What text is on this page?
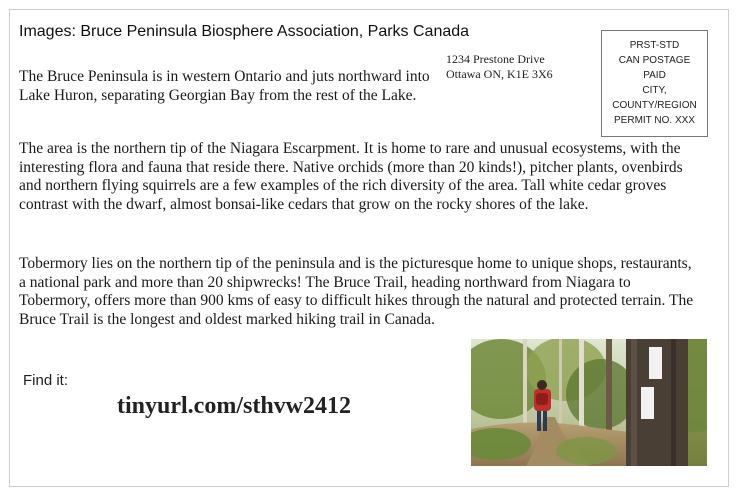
Images: Bruce Peninsula Biosphere Association, Parks Canada
1234 Prestone Drive
Ottawa ON, K1E 3X6
PRST-STD
CAN POSTAGE
PAID
CITY,
COUNTY/REGION
PERMIT NO. XXX

The Bruce Peninsula is in western Ontario and juts northward into Lake Huron, separating Georgian Bay from the rest of the Lake.

The area is the northern tip of the Niagara Escarpment. It is home to rare and unusual ecosystems, with the interesting flora and fauna that reside there. Native orchids (more than 20 kinds!), pitcher plants, ovenbirds and northern flying squirrels are a few examples of the rich diversity of the area. Tall white cedar groves contrast with the dwarf, almost bonsai-like cedars that grow on the rocky shores of the lake.

Tobermory lies on the northern tip of the peninsula and is the picturesque home to unique shops, restaurants, a national park and more than 20 shipwrecks! The Bruce Trail, heading northward from Niagara to Tobermory, offers more than 900 kms of easy to difficult hikes through the natural and protected terrain. The Bruce Trail is the longest and oldest marked hiking trail in Canada.

Find it:
tinyurl.com/sthvw2412
